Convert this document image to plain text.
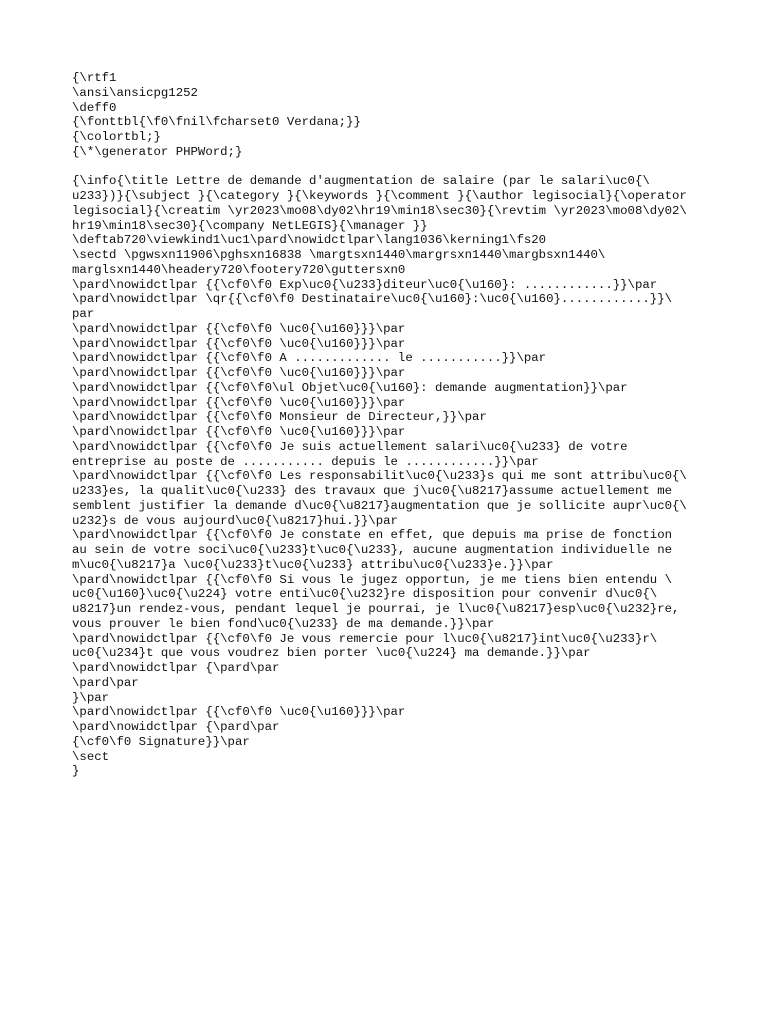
{\rtf1
\ansi\ansicpg1252
\deff0
{\fonttbl{\f0\fnil\fcharset0 Verdana;}}
{\colortbl;}
{\*\generator PHPWord;}
{\info{\title Lettre de demande d'augmentation de salaire (par le salari\uc0{\
u233})}{\subject }{\category }{\keywords }{\comment }{\author legisocial}{\operator
legisocial}{\creatim \yr2023\mo08\dy02\hr19\min18\sec30}{\revtim \yr2023\mo08\dy02\
hr19\min18\sec30}{\company NetLEGIS}{\manager }}
\deftab720\viewkind1\uc1\pard\nowidctlpar\lang1036\kerning1\fs20
\sectd \pgwsxn11906\pghsxn16838 \margtsxn1440\margrsxn1440\margbsxn1440\
marglsxn1440\headery720\footery720\guttersxn0
\pard\nowidctlpar {{\cf0\f0 Exp\uc0{\u233}diteur\uc0{\u160}: ............}}\par
\pard\nowidctlpar \qr{{\cf0\f0 Destinataire\uc0{\u160}:\uc0{\u160}............}}\
par
\pard\nowidctlpar {{\cf0\f0 \uc0{\u160}}}\par
\pard\nowidctlpar {{\cf0\f0 \uc0{\u160}}}\par
\pard\nowidctlpar {{\cf0\f0 A ............. le ...........}}\par
\pard\nowidctlpar {{\cf0\f0 \uc0{\u160}}}\par
\pard\nowidctlpar {{\cf0\f0\ul Objet\uc0{\u160}: demande augmentation}}\par
\pard\nowidctlpar {{\cf0\f0 \uc0{\u160}}}\par
\pard\nowidctlpar {{\cf0\f0 Monsieur de Directeur,}}\par
\pard\nowidctlpar {{\cf0\f0 \uc0{\u160}}}\par
\pard\nowidctlpar {{\cf0\f0 Je suis actuellement salari\uc0{\u233} de votre
entreprise au poste de ........... depuis le ............}}\par
\pard\nowidctlpar {{\cf0\f0 Les responsabilit\uc0{\u233}s qui me sont attribu\uc0{\
u233}es, la qualit\uc0{\u233} des travaux que j\uc0{\u8217}assume actuellement me
semblent justifier la demande d\uc0{\u8217}augmentation que je sollicite aupr\uc0{\
u232}s de vous aujourd\uc0{\u8217}hui.}}\par
\pard\nowidctlpar {{\cf0\f0 Je constate en effet, que depuis ma prise de fonction
au sein de votre soci\uc0{\u233}t\uc0{\u233}, aucune augmentation individuelle ne
m\uc0{\u8217}a \uc0{\u233}t\uc0{\u233} attribu\uc0{\u233}e.}}\par
\pard\nowidctlpar {{\cf0\f0 Si vous le jugez opportun, je me tiens bien entendu \
uc0{\u160}\uc0{\u224} votre enti\uc0{\u232}re disposition pour convenir d\uc0{\
u8217}un rendez-vous, pendant lequel je pourrai, je l\uc0{\u8217}esp\uc0{\u232}re,
vous prouver le bien fond\uc0{\u233} de ma demande.}}\par
\pard\nowidctlpar {{\cf0\f0 Je vous remercie pour l\uc0{\u8217}int\uc0{\u233}r\
uc0{\u234}t que vous voudrez bien porter \uc0{\u224} ma demande.}}\par
\pard\nowidctlpar {\pard\par
\pard\par
}\par
\pard\nowidctlpar {{\cf0\f0 \uc0{\u160}}}\par
\pard\nowidctlpar {\pard\par
{\cf0\f0 Signature}}\par
\sect
}
